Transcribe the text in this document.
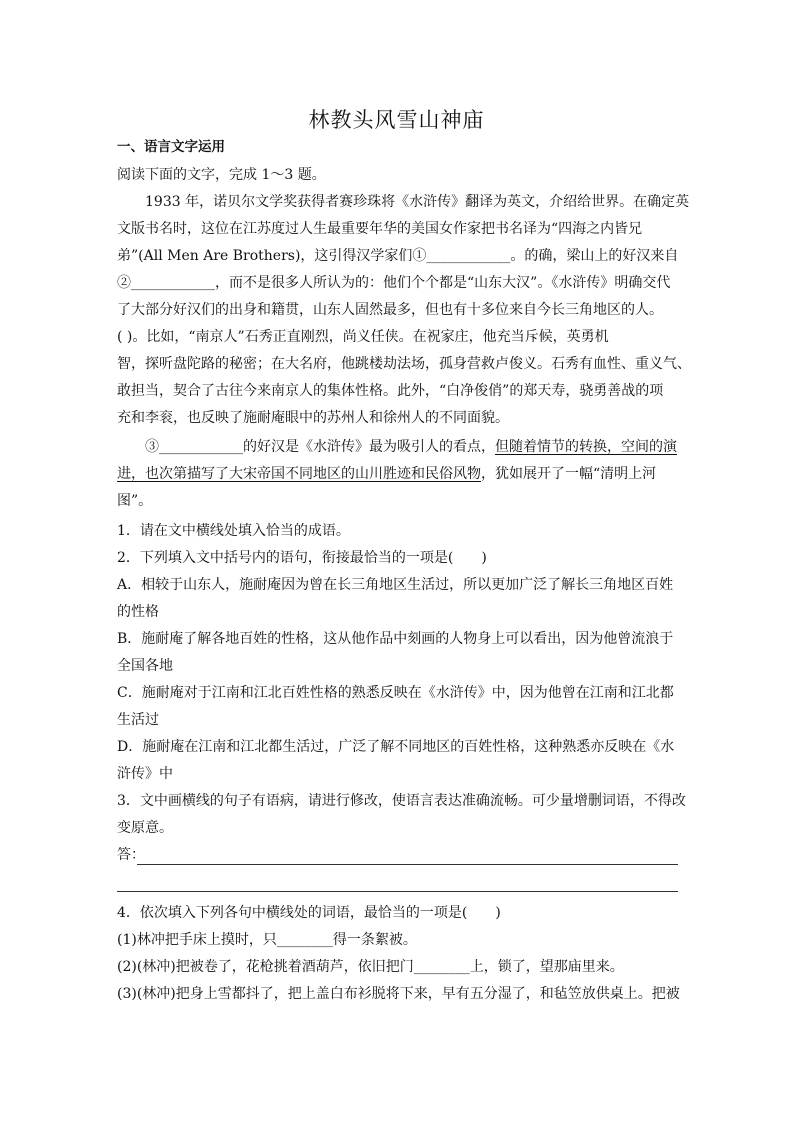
林教头风雪山神庙
一、语言文字运用
阅读下面的文字，完成 1～3 题。
1933 年，诺贝尔文学奖获得者赛珍珠将《水浒传》翻译为英文，介绍给世界。在确定英
文版书名时，这位在江苏度过人生最重要年华的美国女作家把书名译为“四海之内皆兄
弟”(All Men Are Brothers)，这引得汉学家们①____________。的确，梁山上的好汉来自
②____________，而不是很多人所认为的：他们个个都是“山东大汉”。《水浒传》明确交代
了大部分好汉们的出身和籍贯，山东人固然最多，但也有十多位来自今长三角地区的人。
( )。比如，“南京人”石秀正直刚烈，尚义任侠。在祝家庄，他充当斥候，英勇机
智，探听盘陀路的秘密；在大名府，他跳楼劫法场，孤身营救卢俊义。石秀有血性、重义气、
敢担当，契合了古往今来南京人的集体性格。此外，“白净俊俏”的郑天寿，骁勇善战的项
充和李衮，也反映了施耐庵眼中的苏州人和徐州人的不同面貌。
③____________的好汉是《水浒传》最为吸引人的看点，但随着情节的转换，空间的演
进，也次第描写了大宋帝国不同地区的山川胜迹和民俗风物，犹如展开了一幅“清明上河
图”。
1．请在文中横线处填入恰当的成语。
2．下列填入文中括号内的语句，衔接最恰当的一项是(　　)
A．相较于山东人，施耐庵因为曾在长三角地区生活过，所以更加广泛了解长三角地区百姓
的性格
B．施耐庵了解各地百姓的性格，这从他作品中刻画的人物身上可以看出，因为他曾流浪于
全国各地
C．施耐庵对于江南和江北百姓性格的熟悉反映在《水浒传》中，因为他曾在江南和江北都
生活过
D．施耐庵在江南和江北都生活过，广泛了解不同地区的百姓性格，这种熟悉亦反映在《水
浒传》中
3．文中画横线的句子有语病，请进行修改，使语言表达准确流畅。可少量增删词语，不得改
变原意。
答：
4．依次填入下列各句中横线处的词语，最恰当的一项是(　　)
(1)林冲把手床上摸时，只________得一条絮被。
(2)(林冲)把被卷了，花枪挑着酒葫芦，依旧把门________上，锁了，望那庙里来。
(3)(林冲)把身上雪都抖了，把上盖白布衫脱将下来，早有五分湿了，和毡笠放供桌上。把被
